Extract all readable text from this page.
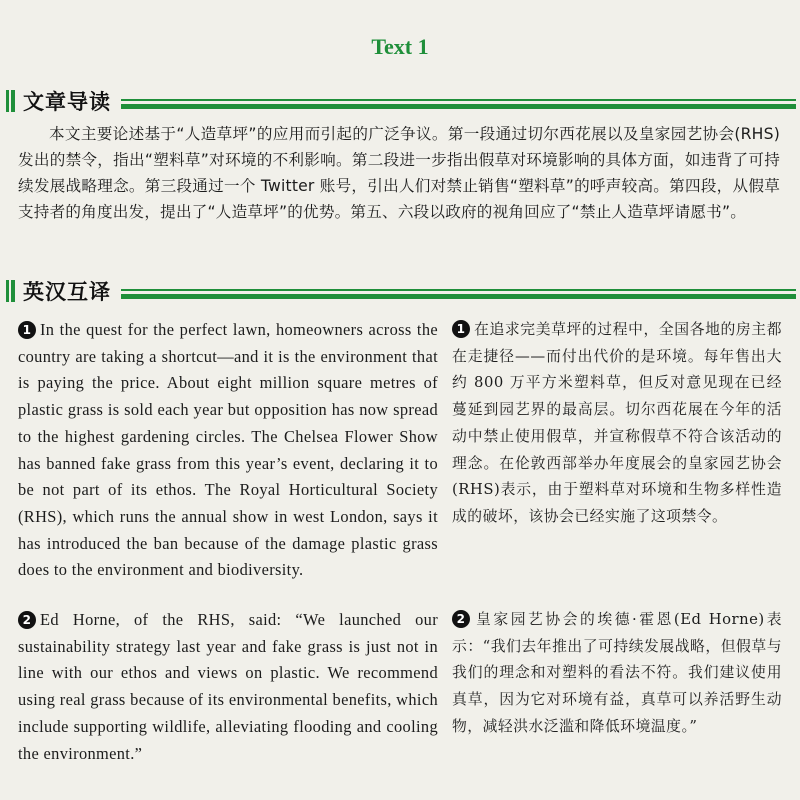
Text 1
文章导读

本文主要论述基于“人造草坪”的应用而引起的广泛争议。第一段通过切尔西花展以及皇家园艺协会(RHS)发出的禁令，指出“塑料草”对环境的不利影响。第二段进一步指出假草对环境影响的具体方面，如违背了可持续发展战略理念。第三段通过一个 Twitter 账号，引出人们对禁止销售“塑料草”的呼声较高。第四段，从假草支持者的角度出发，提出了“人造草坪”的优势。第五、六段以政府的视角回应了“禁止人造草坪请愿书”。

英汉互译

1 In the quest for the perfect lawn, homeowners across the country are taking a shortcut—and it is the environment that is paying the price. About eight million square metres of plastic grass is sold each year but opposition has now spread to the highest gardening circles. The Chelsea Flower Show has banned fake grass from this year’s event, declaring it to be not part of its ethos. The Royal Horticultural Society (RHS), which runs the annual show in west London, says it has introduced the ban because of the damage plastic grass does to the environment and biodiversity.

1 在追求完美草坪的过程中，全国各地的房主都在走捷径——而付出代价的是环境。每年售出大约 800 万平方米塑料草，但反对意见现在已经蔓延到园艺界的最高层。切尔西花展在今年的活动中禁止使用假草，并宣称假草不符合该活动的理念。在伦敦西部举办年度展会的皇家园艺协会(RHS)表示，由于塑料草对环境和生物多样性造成的破坏，该协会已经实施了这项禁令。

2 Ed Horne, of the RHS, said: “We launched our sustainability strategy last year and fake grass is just not in line with our ethos and views on plastic. We recommend using real grass because of its environmental benefits, which include supporting wildlife, alleviating flooding and cooling the environment.”

2 皇家园艺协会的埃德·霍恩(Ed Horne)表示：“我们去年推出了可持续发展战略，但假草与我们的理念和对塑料的看法不符。我们建议使用真草，因为它对环境有益，真草可以养活野生动物，减轻洪水泛滥和降低环境温度。”
